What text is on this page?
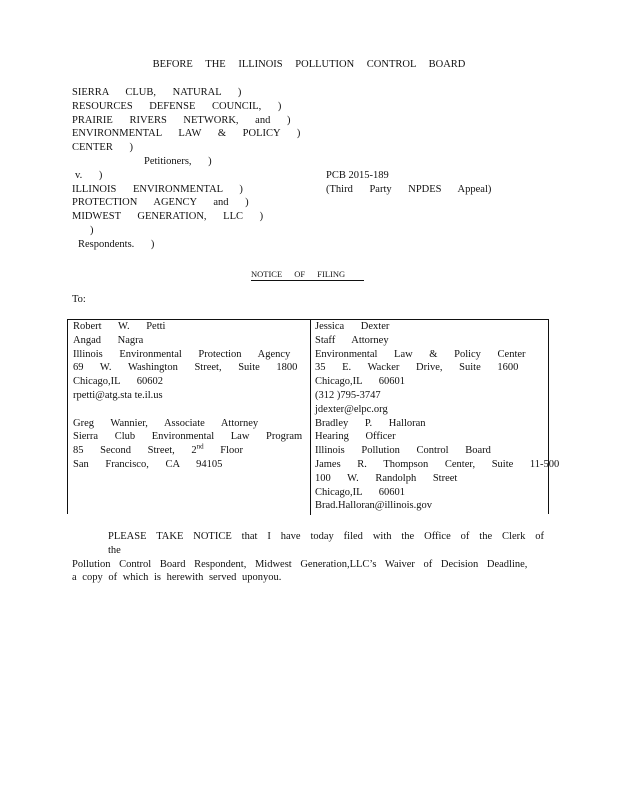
BEFORE THE ILLINOIS POLLUTION CONTROL BOARD
SIERRA CLUB, NATURAL )
RESOURCES DEFENSE COUNCIL, )
PRAIRIE RIVERS NETWORK, and )
ENVIRONMENTAL LAW & POLICY )
CENTER )
Petitioners, )
v. )
ILLINOIS ENVIRONMENTAL )
PROTECTION AGENCY and )
MIDWEST GENERATION, LLC )
)
Respondents. )
PCB 2015-189
(Third Party NPDES Appeal)
NOTICE OF FILING
To:
Robert W. Petti
Angad Nagra
Illinois Environmental Protection Agency
69 W. Washington Street, Suite 1800
Chicago,IL 60602
rpetti@atg.sta te.il.us
Greg Wannier, Associate Attorney
Sierra Club Environmental Law Program
85 Second Street, 2nd Floor
San Francisco, CA 94105
Jessica Dexter
Staff Attorney
Environmental Law & Policy Center
35 E. Wacker Drive, Suite 1600
Chicago,IL 60601
(312 )795-3747
jdexter@elpc.org
Bradley P. Halloran
Hearing Officer
Illinois Pollution Control Board
James R. Thompson Center, Suite 11-500
100 W. Randolph Street
Chicago,IL 60601
Brad.Halloran@illinois.gov
PLEASE TAKE NOTICE that I have today filed with the Office of the Clerk of the
Pollution Control Board Respondent, Midwest Generation,LLC’s Waiver of Decision Deadline,
a copy of which is herewith served uponyou.
